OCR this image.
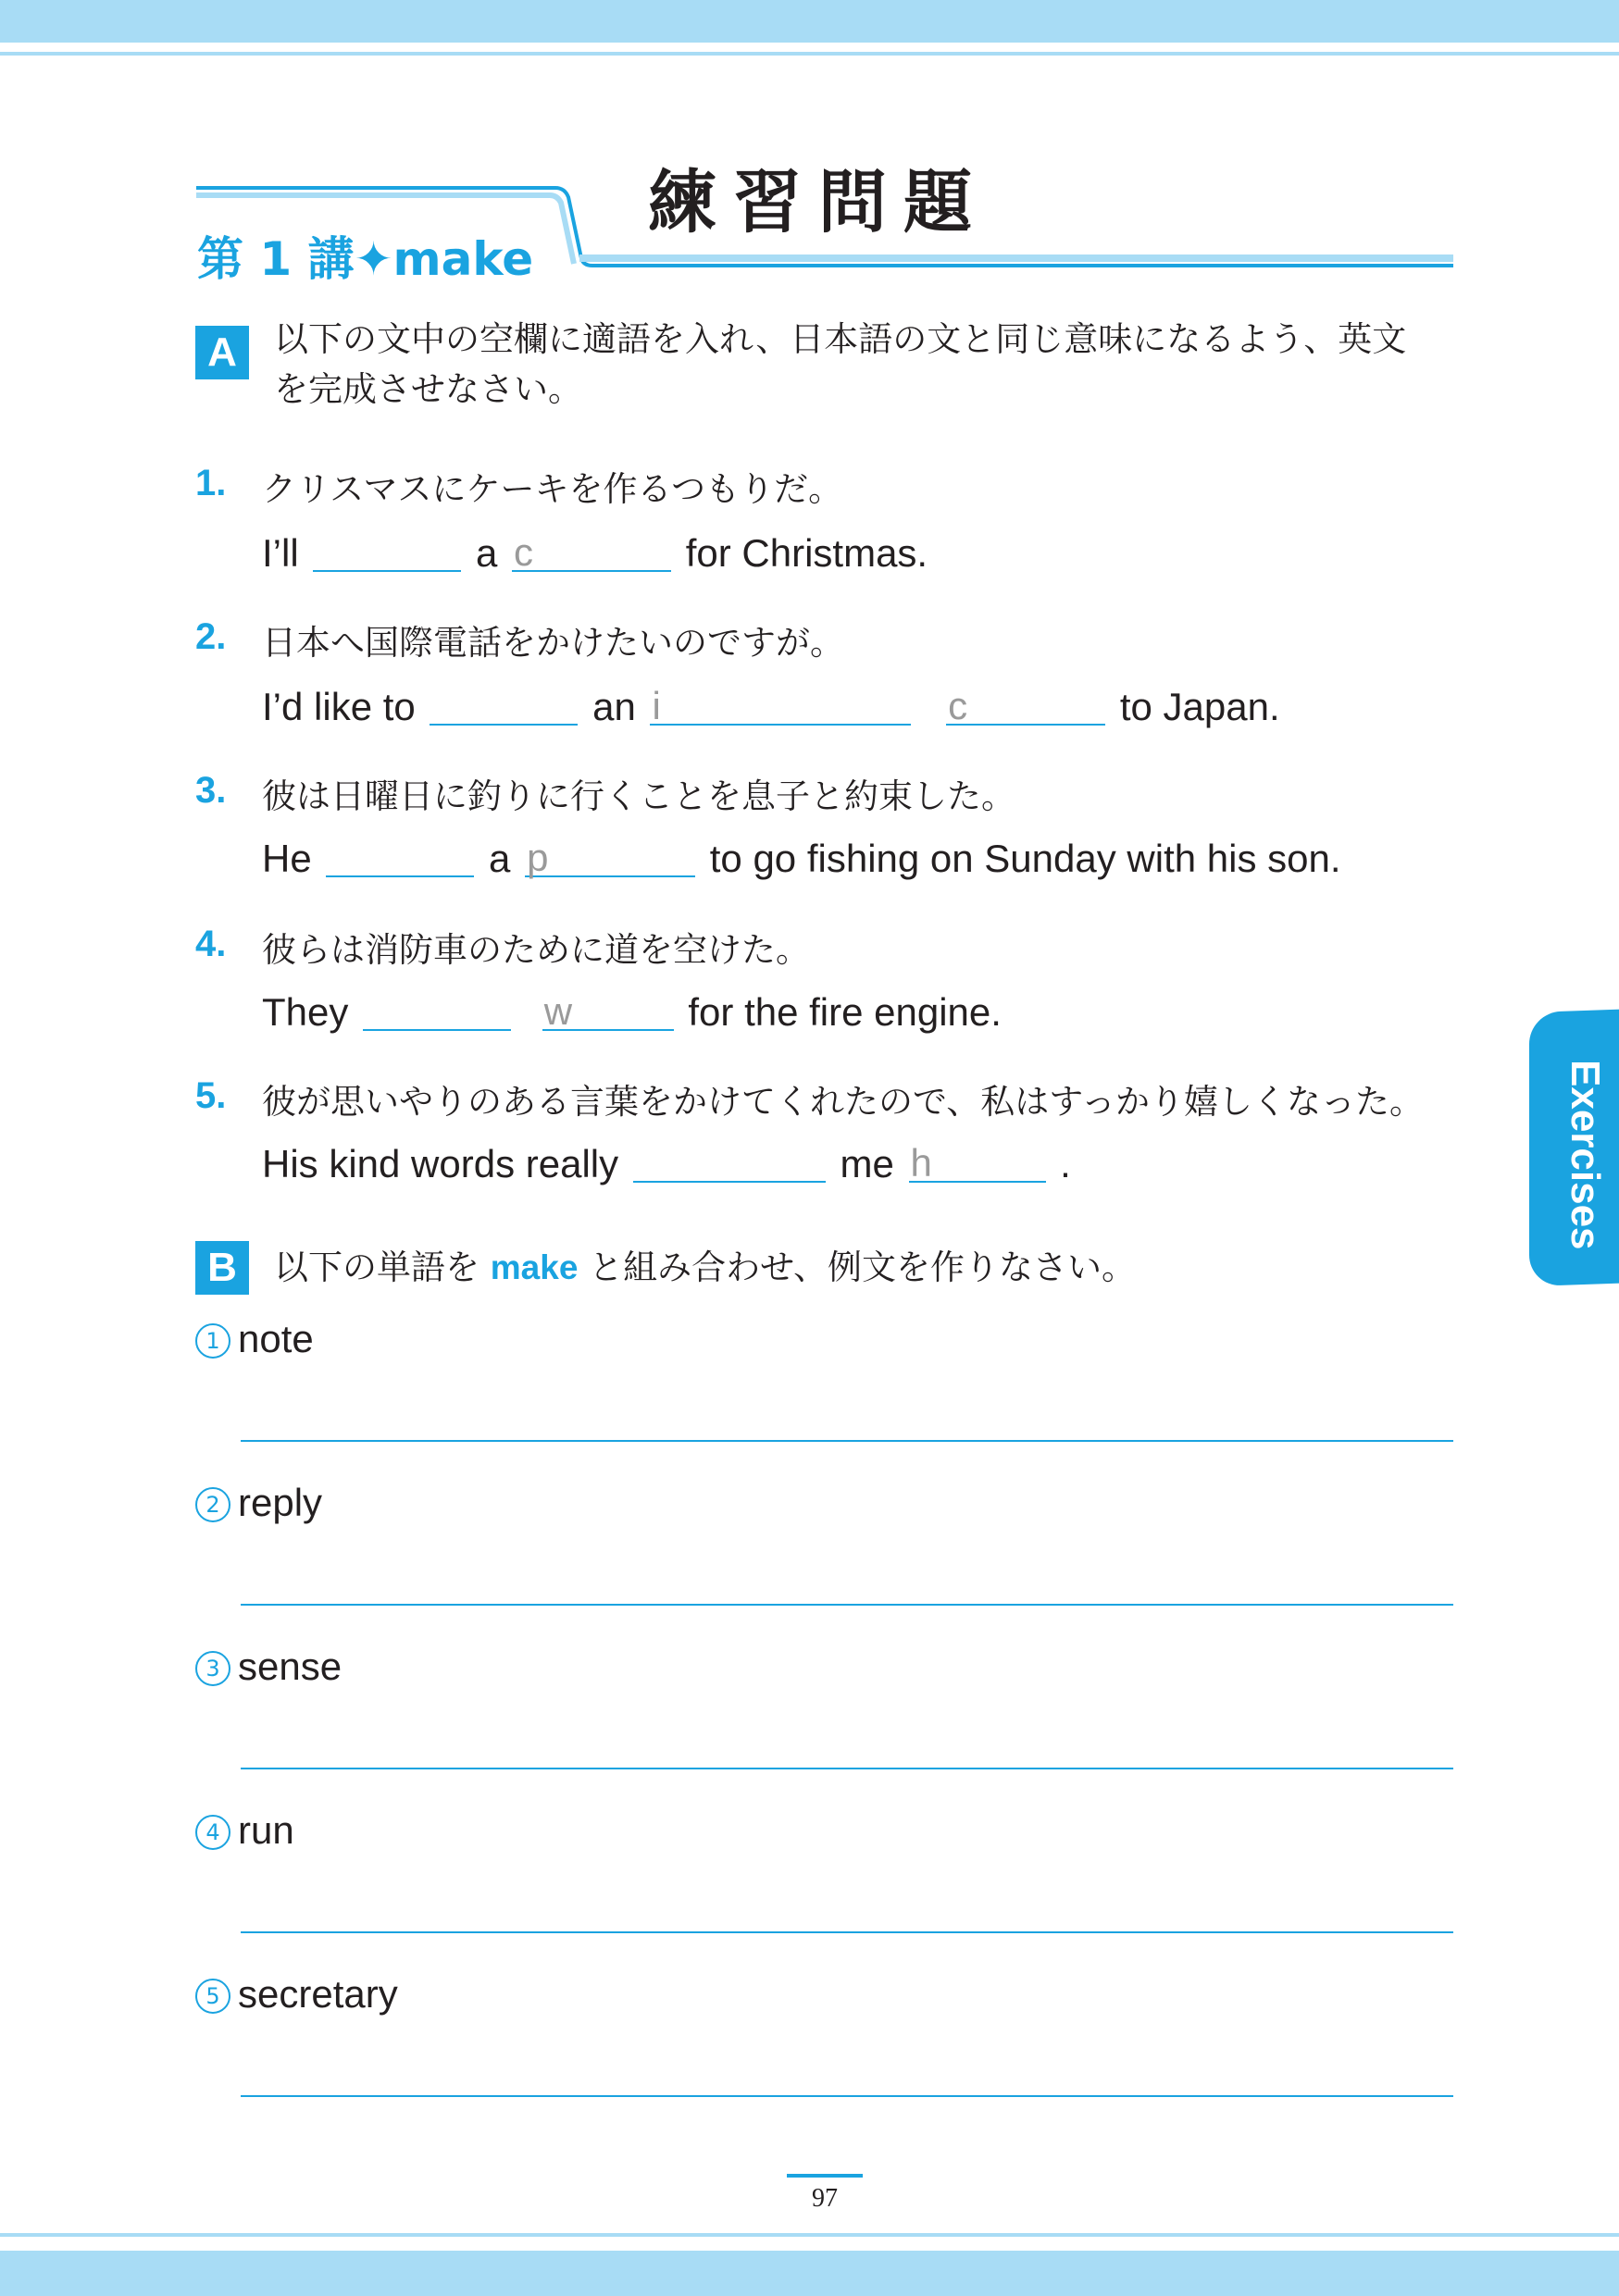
練習問題
第 1 講✦make
A	以下の文中の空欄に適語を入れ、日本語の文と同じ意味になるよう、英文
を完成させなさい。
1. クリスマスにケーキを作るつもりだ。
I’ll	a c	for Christmas.
2. 日本へ国際電話をかけたいのですが。
I’d like to	an i
	c	to Japan.
3. 彼は日曜日に釣りに行くことを息子と約束した。
He	a p	to go fishing on Sunday with his son.
4. 彼らは消防車のために道を空けた。
They	w	for the fire engine.
5. 彼が思いやりのある言葉をかけてくれたので、私はすっかり嬉しくなった。
His kind words really	me h	.
B	以下の単語を make と組み合わせ、例文を作りなさい。
1 note
2 reply
3 sense
4 run
5 secretary
Exercises
97
